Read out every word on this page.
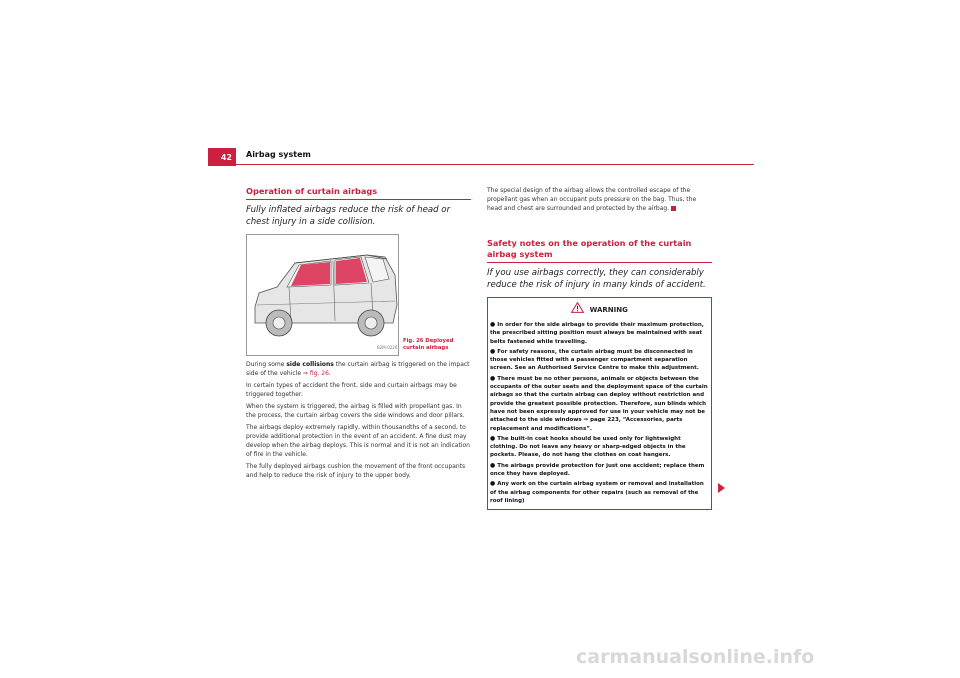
42	Airbag system
Operation of curtain airbags
Fully inflated airbags reduce the risk of head or chest injury in a side collision.
B2M-0226
Fig. 26 Deployed curtain airbags

During some side collisions the curtain airbag is triggered on the impact side of the vehicle ⇒ fig. 26.

In certain types of accident the front, side and curtain airbags may be triggered together.

When the system is triggered, the airbag is filled with propellant gas. In the process, the curtain airbag covers the side windows and door pillars.

The airbags deploy extremely rapidly, within thousandths of a second, to provide additional protection in the event of an accident. A fine dust may develop when the airbag deploys. This is normal and it is not an indication of fire in the vehicle.

The fully deployed airbags cushion the movement of the front occupants and help to reduce the risk of injury to the upper body.

The special design of the airbag allows the controlled escape of the propellant gas when an occupant puts pressure on the bag. Thus, the head and chest are surrounded and protected by the airbag.

Safety notes on the operation of the curtain airbag system
If you use airbags correctly, they can considerably reduce the risk of injury in many kinds of accident.
WARNING

● In order for the side airbags to provide their maximum protection, the prescribed sitting position must always be maintained with seat belts fastened while travelling.

● For safety reasons, the curtain airbag must be disconnected in those vehicles fitted with a passenger compartment separation screen. See an Authorised Service Centre to make this adjustment.

● There must be no other persons, animals or objects between the occupants of the outer seats and the deployment space of the curtain airbags so that the curtain airbag can deploy without restriction and provide the greatest possible protection. Therefore, sun blinds which have not been expressly approved for use in your vehicle may not be attached to the side windows ⇒ page 223, “Accessories, parts replacement and modifications”.

● The built-in coat hooks should be used only for lightweight clothing. Do not leave any heavy or sharp-edged objects in the pockets. Please, do not hang the clothes on coat hangers.

● The airbags provide protection for just one accident; replace them once they have deployed.

● Any work on the curtain airbag system or removal and installation of the airbag components for other repairs (such as removal of the roof lining)

carmanualsonline.info
